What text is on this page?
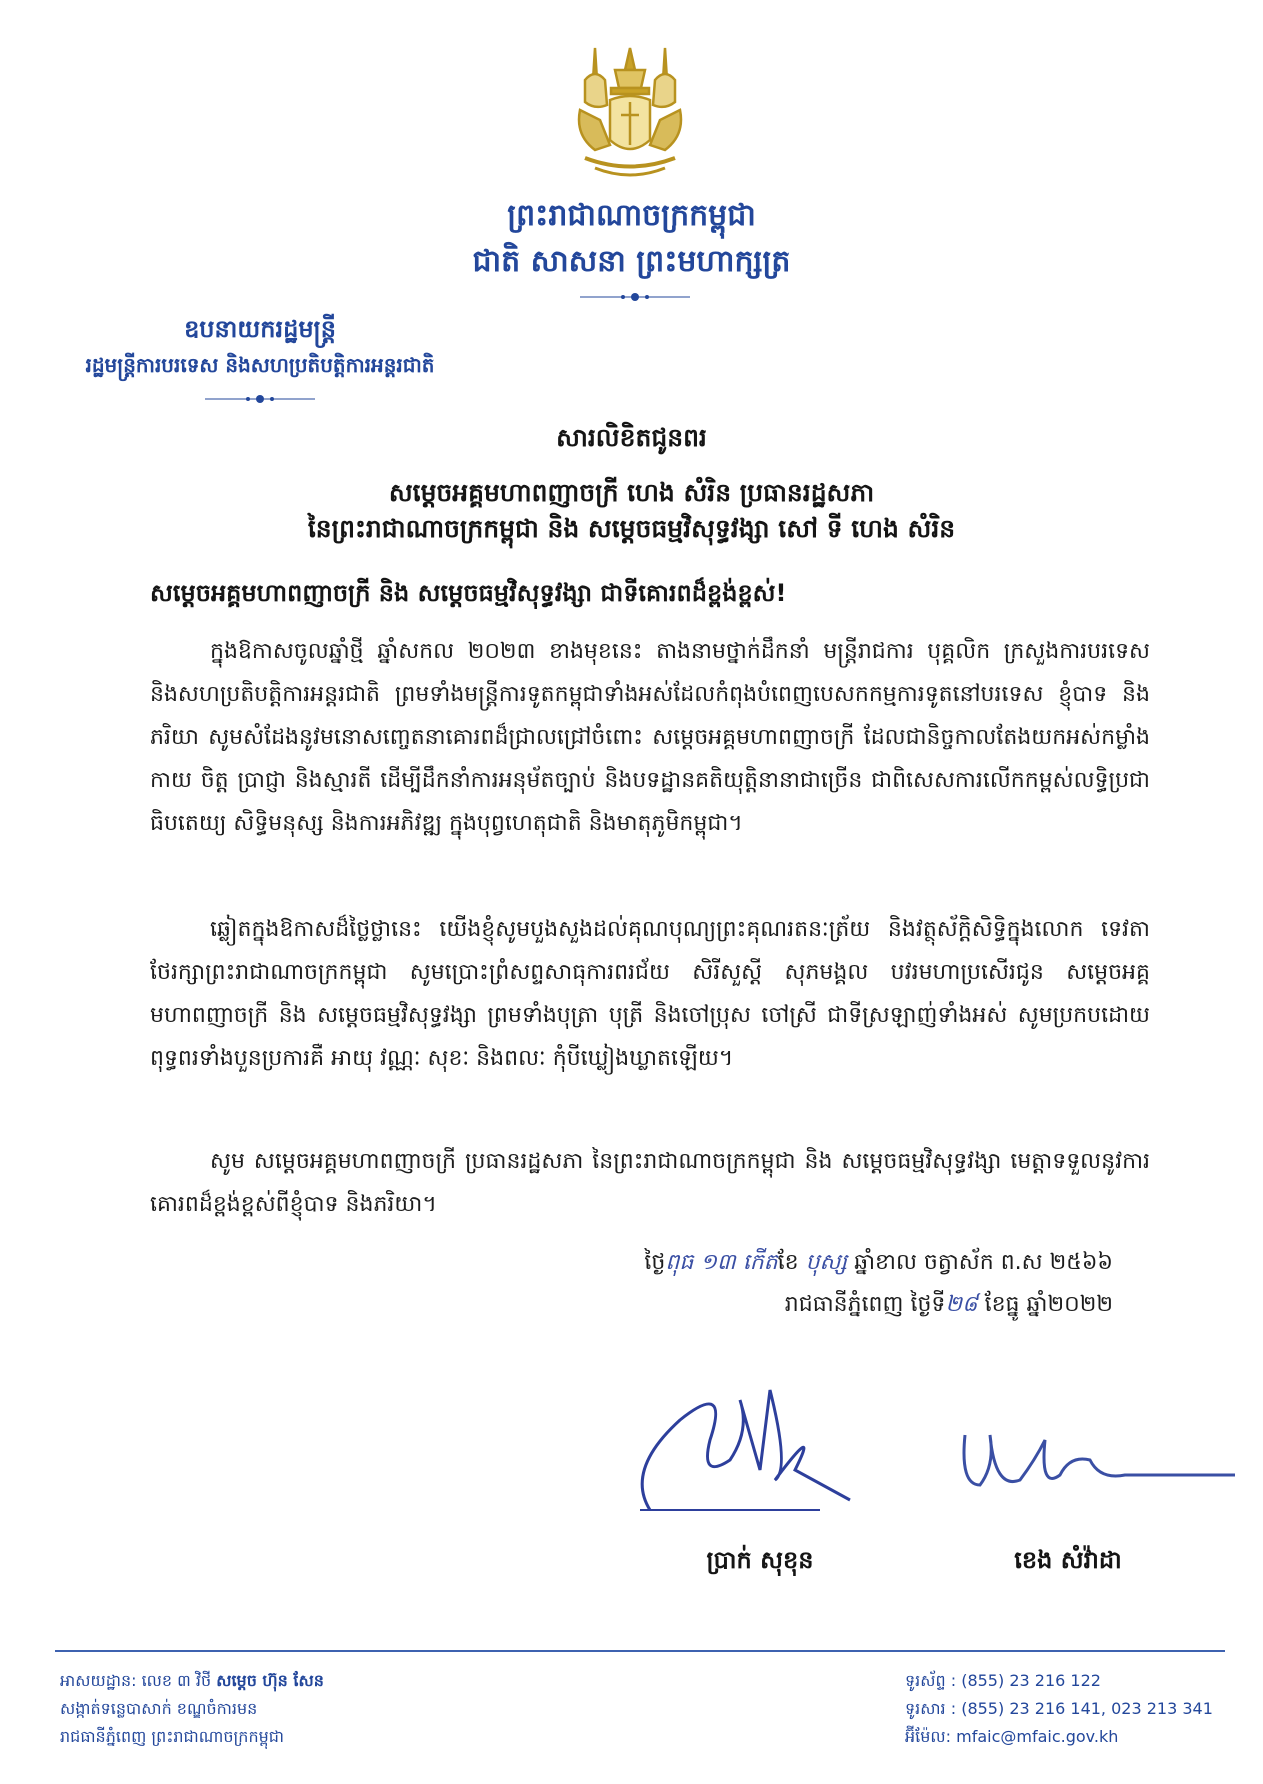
ព្រះរាជាណាចក្រកម្ពុជា
ជាតិ សាសនា ព្រះមហាក្សត្រ
ឧបនាយករដ្ឋមន្ត្រី
រដ្ឋមន្ត្រីការបរទេស និងសហប្រតិបត្តិការអន្តរជាតិ
សារលិខិតជូនពរ
សម្តេចអគ្គមហាពញាចក្រី ហេង សំរិន ប្រធានរដ្ឋសភា
នៃព្រះរាជាណាចក្រកម្ពុជា និង សម្តេចធម្មវិសុទ្ធវង្សា សៅ ទី ហេង សំរិន
សម្តេចអគ្គមហាពញាចក្រី និង សម្តេចធម្មវិសុទ្ធវង្សា ជាទីគោរពដ៏ខ្ពង់ខ្ពស់!
ក្នុងឱកាសចូលឆ្នាំថ្មី ឆ្នាំសកល ២០២៣ ខាងមុខនេះ តាងនាមថ្នាក់ដឹកនាំ មន្ត្រីរាជការ បុគ្គលិក ក្រសួងការបរទេស និងសហប្រតិបត្តិការអន្តរជាតិ ព្រមទាំងមន្ត្រីការទូតកម្ពុជាទាំងអស់ដែលកំពុងបំពេញបេសកកម្មការទូតនៅបរទេស ខ្ញុំបាទ និងភរិយា សូមសំដែងនូវមនោសញ្ចេតនាគោរពដ៏ជ្រាលជ្រៅចំពោះ សម្តេចអគ្គមហាពញាចក្រី ដែលជានិច្ចកាលតែងយកអស់កម្លាំងកាយ ចិត្ត ប្រាជ្ញា និងស្មារតី ដើម្បីដឹកនាំការអនុម័តច្បាប់ និងបទដ្ឋានគតិយុត្តិនានាជាច្រើន ជាពិសេសការលើកកម្ពស់លទ្ធិប្រជាធិបតេយ្យ សិទ្ធិមនុស្ស និងការអភិវឌ្ឍ ក្នុងបុព្វហេតុជាតិ និងមាតុភូមិកម្ពុជា។
ឆ្លៀតក្នុងឱកាសដ៏ថ្លៃថ្លានេះ យើងខ្ញុំសូមបួងសួងដល់គុណបុណ្យព្រះគុណរតនៈត្រ័យ និងវត្ថុស័ក្តិសិទ្ធិក្នុងលោក ទេវតាថែរក្សាព្រះរាជាណាចក្រកម្ពុជា សូមប្រោះព្រំសព្ទសាធុការពរជ័យ សិរីសួស្តី សុភមង្គល បវរមហាប្រសើរជូន សម្តេចអគ្គមហាពញាចក្រី និង សម្តេចធម្មវិសុទ្ធវង្សា ព្រមទាំងបុត្រា បុត្រី និងចៅប្រុស ចៅស្រី ជាទីស្រឡាញ់ទាំងអស់ សូមប្រកបដោយពុទ្ធពរទាំងបួនប្រការគឺ អាយុ វណ្ណៈ សុខៈ និងពលៈ កុំបីឃ្លៀងឃ្លាតឡើយ។
សូម សម្តេចអគ្គមហាពញាចក្រី ប្រធានរដ្ឋសភា នៃព្រះរាជាណាចក្រកម្ពុជា និង សម្តេចធម្មវិសុទ្ធវង្សា មេត្តាទទួលនូវការគោរពដ៏ខ្ពង់ខ្ពស់ពីខ្ញុំបាទ និងភរិយា។
ថ្ងៃពុធ ១៣ កើតខែ បុស្ស ឆ្នាំខាល ចត្វាស័ក ព.ស ២៥៦៦
រាជធានីភ្នំពេញ ថ្ងៃទី២៨ ខែធ្នូ ឆ្នាំ២០២២
ប្រាក់ សុខុន	ខេង សំវ៉ាដា
អាសយដ្ឋាន: លេខ ៣ វិថី សម្តេច ហ៊ុន សែន
សង្កាត់ទន្លេបាសាក់ ខណ្ឌចំការមន
រាជធានីភ្នំពេញ ព្រះរាជាណាចក្រកម្ពុជា
ទូរស័ព្ទ : (855) 23 216 122
ទូរសារ : (855) 23 216 141, 023 213 341
អ៊ីម៉ែល: mfaic@mfaic.gov.kh
